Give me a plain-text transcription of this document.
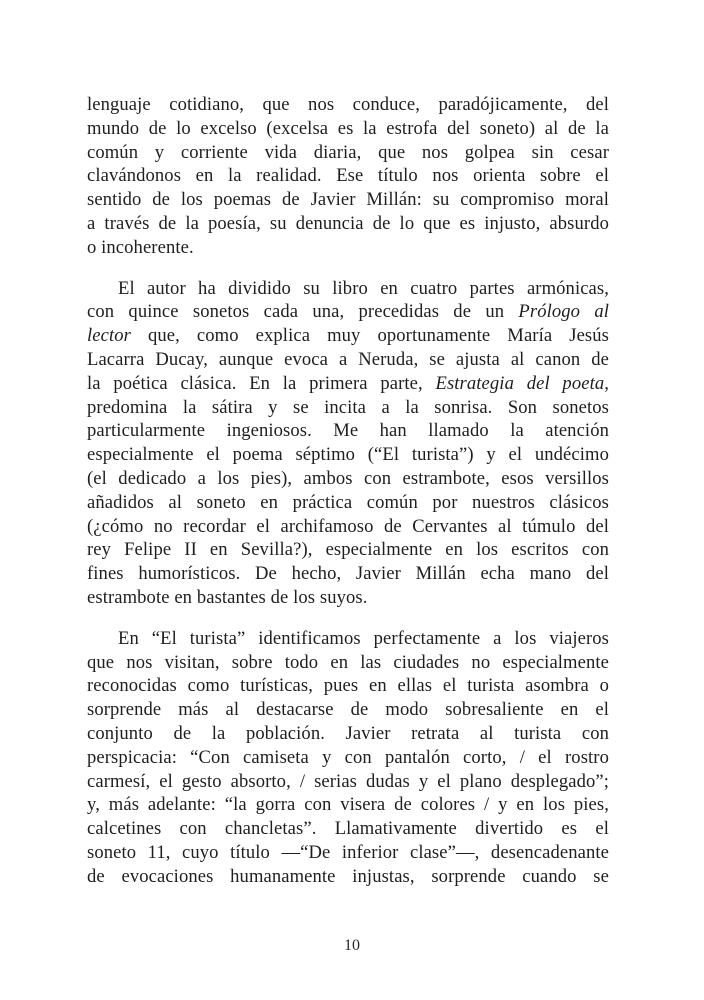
lenguaje cotidiano, que nos conduce, paradójicamente, del
mundo de lo excelso (excelsa es la estrofa del soneto) al de la
común y corriente vida diaria, que nos golpea sin cesar
clavándonos en la realidad. Ese título nos orienta sobre el
sentido de los poemas de Javier Millán: su compromiso moral
a través de la poesía, su denuncia de lo que es injusto, absurdo
o incoherente.
El autor ha dividido su libro en cuatro partes armónicas,
con quince sonetos cada una, precedidas de un Prólogo al
lector que, como explica muy oportunamente María Jesús
Lacarra Ducay, aunque evoca a Neruda, se ajusta al canon de
la poética clásica. En la primera parte, Estrategia del poeta,
predomina la sátira y se incita a la sonrisa. Son sonetos
particularmente ingeniosos. Me han llamado la atención
especialmente el poema séptimo (“El turista”) y el undécimo
(el dedicado a los pies), ambos con estrambote, esos versillos
añadidos al soneto en práctica común por nuestros clásicos
(¿cómo no recordar el archifamoso de Cervantes al túmulo del
rey Felipe II en Sevilla?), especialmente en los escritos con
fines humorísticos. De hecho, Javier Millán echa mano del
estrambote en bastantes de los suyos.
En “El turista” identificamos perfectamente a los viajeros
que nos visitan, sobre todo en las ciudades no especialmente
reconocidas como turísticas, pues en ellas el turista asombra o
sorprende más al destacarse de modo sobresaliente en el
conjunto de la población. Javier retrata al turista con
perspicacia: “Con camiseta y con pantalón corto, / el rostro
carmesí, el gesto absorto, / serias dudas y el plano desplegado”;
y, más adelante: “la gorra con visera de colores / y en los pies,
calcetines con chancletas”. Llamativamente divertido es el
soneto 11, cuyo título —“De inferior clase”—, desencadenante
de evocaciones humanamente injustas, sorprende cuando se
10
